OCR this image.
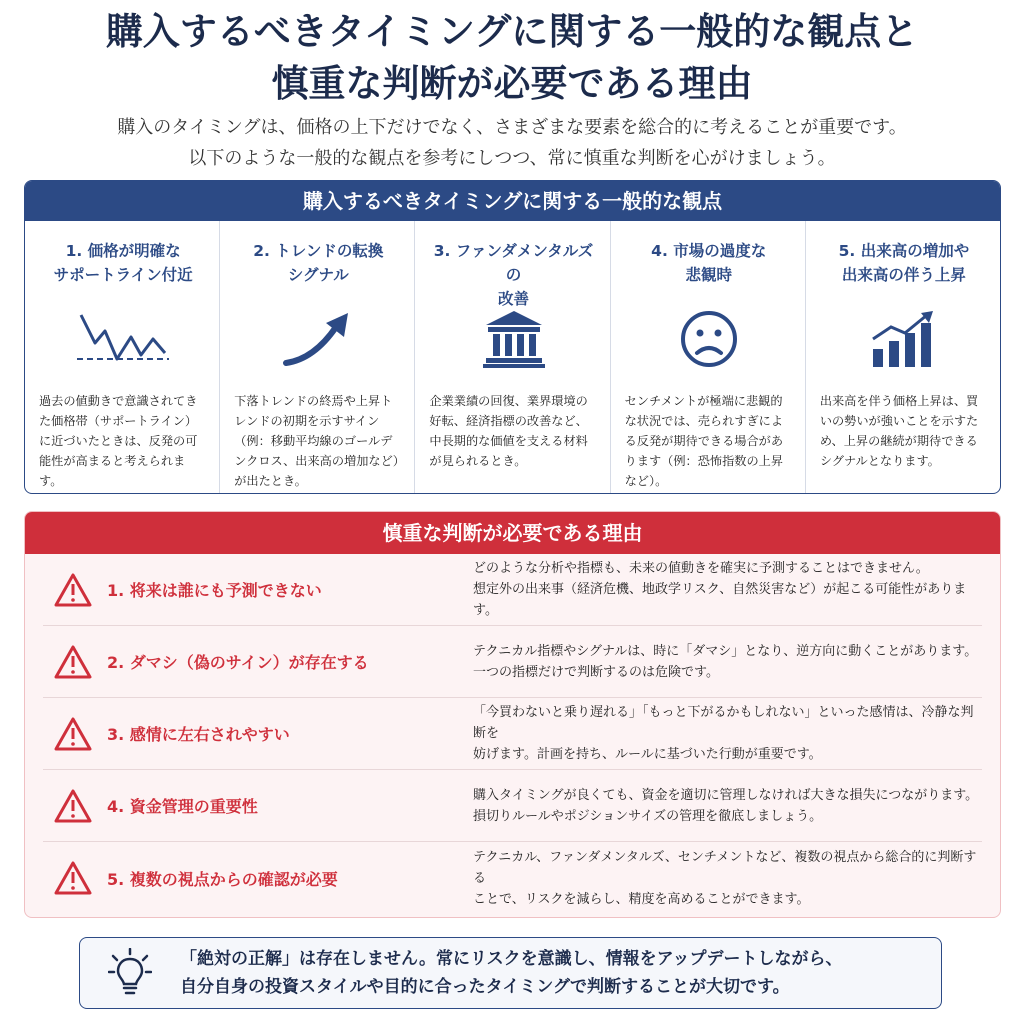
購入するべきタイミングに関する一般的な観点と
慎重な判断が必要である理由
購入のタイミングは、価格の上下だけでなく、さまざまな要素を総合的に考えることが重要です。
以下のような一般的な観点を参考にしつつ、常に慎重な判断を心がけましょう。
購入するべきタイミングに関する一般的な観点
1. 価格が明確な
サポートライン付近
過去の値動きで意識されてきた価格帯（サポートライン）に近づいたときは、反発の可能性が高まると考えられます。
2. トレンドの転換
シグナル
下落トレンドの終焉や上昇トレンドの初期を示すサイン（例：移動平均線のゴールデンクロス、出来高の増加など）が出たとき。
3. ファンダメンタルズの
改善
企業業績の回復、業界環境の好転、経済指標の改善など、中長期的な価値を支える材料が見られるとき。
4. 市場の過度な
悲観時
センチメントが極端に悲観的な状況では、売られすぎによる反発が期待できる場合があります（例：恐怖指数の上昇など）。
5. 出来高の増加や
出来高の伴う上昇
出来高を伴う価格上昇は、買いの勢いが強いことを示すため、上昇の継続が期待できるシグナルとなります。
慎重な判断が必要である理由
1. 将来は誰にも予測できない
どのような分析や指標も、未来の値動きを確実に予測することはできません。
想定外の出来事（経済危機、地政学リスク、自然災害など）が起こる可能性があります。
2. ダマシ（偽のサイン）が存在する
テクニカル指標やシグナルは、時に「ダマシ」となり、逆方向に動くことがあります。
一つの指標だけで判断するのは危険です。
3. 感情に左右されやすい
「今買わないと乗り遅れる」「もっと下がるかもしれない」といった感情は、冷静な判断を
妨げます。計画を持ち、ルールに基づいた行動が重要です。
4. 資金管理の重要性
購入タイミングが良くても、資金を適切に管理しなければ大きな損失につながります。
損切りルールやポジションサイズの管理を徹底しましょう。
5. 複数の視点からの確認が必要
テクニカル、ファンダメンタルズ、センチメントなど、複数の視点から総合的に判断する
ことで、リスクを減らし、精度を高めることができます。
「絶対の正解」は存在しません。常にリスクを意識し、情報をアップデートしながら、
自分自身の投資スタイルや目的に合ったタイミングで判断することが大切です。
